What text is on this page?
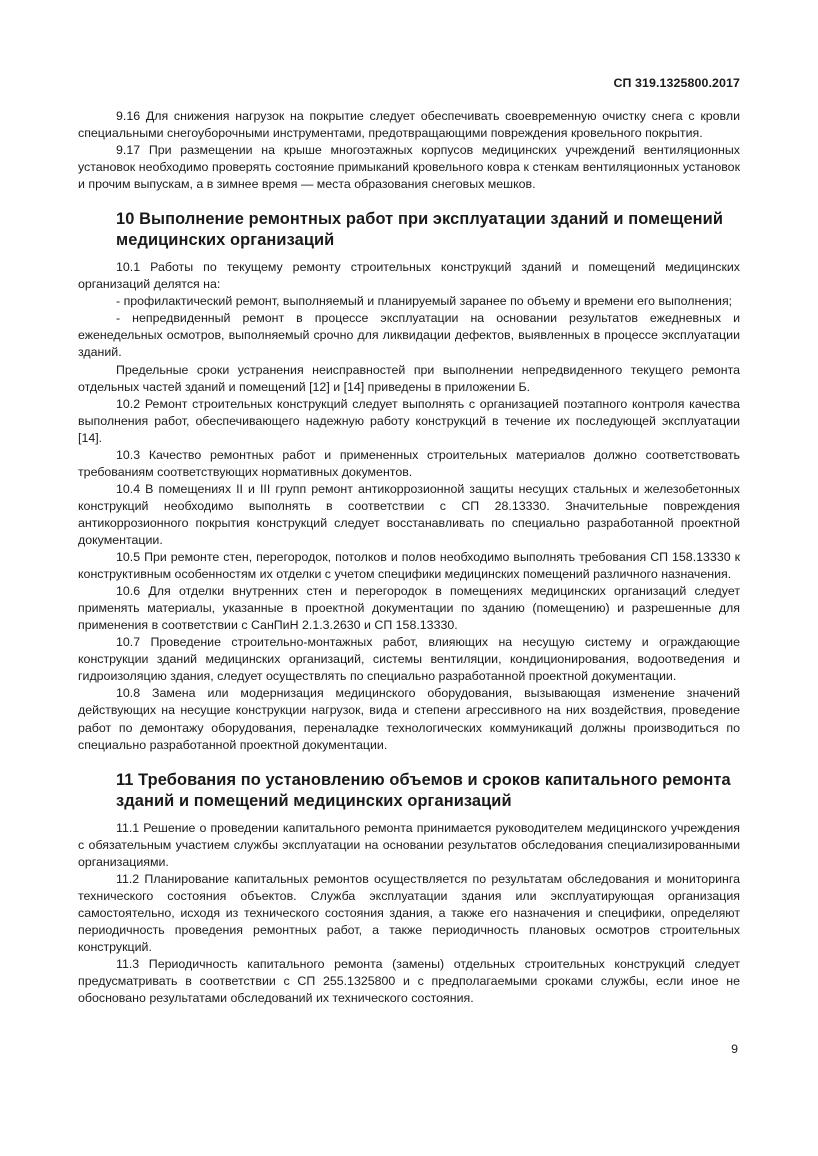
СП 319.1325800.2017

9.16 Для снижения нагрузок на покрытие следует обеспечивать своевременную очистку снега с кровли специальными снегоуборочными инструментами, предотвращающими повреждения кровельного покрытия.

9.17 При размещении на крыше многоэтажных корпусов медицинских учреждений вентиляционных установок необходимо проверять состояние примыканий кровельного ковра к стенкам вентиляционных установок и прочим выпускам, а в зимнее время — места образования снеговых мешков.

10 Выполнение ремонтных работ при эксплуатации зданий и помещений медицинских организаций

10.1 Работы по текущему ремонту строительных конструкций зданий и помещений медицинских организаций делятся на:

- профилактический ремонт, выполняемый и планируемый заранее по объему и времени его выполнения;

- непредвиденный ремонт в процессе эксплуатации на основании результатов ежедневных и еженедельных осмотров, выполняемый срочно для ликвидации дефектов, выявленных в процессе эксплуатации зданий.

Предельные сроки устранения неисправностей при выполнении непредвиденного текущего ремонта отдельных частей зданий и помещений [12] и [14] приведены в приложении Б.

10.2 Ремонт строительных конструкций следует выполнять с организацией поэтапного контроля качества выполнения работ, обеспечивающего надежную работу конструкций в течение их последующей эксплуатации [14].

10.3 Качество ремонтных работ и примененных строительных материалов должно соответствовать требованиям соответствующих нормативных документов.

10.4 В помещениях II и III групп ремонт антикоррозионной защиты несущих стальных и железобетонных конструкций необходимо выполнять в соответствии с СП 28.13330. Значительные повреждения антикоррозионного покрытия конструкций следует восстанавливать по специально разработанной проектной документации.

10.5 При ремонте стен, перегородок, потолков и полов необходимо выполнять требования СП 158.13330 к конструктивным особенностям их отделки с учетом специфики медицинских помещений различного назначения.

10.6 Для отделки внутренних стен и перегородок в помещениях медицинских организаций следует применять материалы, указанные в проектной документации по зданию (помещению) и разрешенные для применения в соответствии с СанПиН 2.1.3.2630 и СП 158.13330.

10.7 Проведение строительно-монтажных работ, влияющих на несущую систему и ограждающие конструкции зданий медицинских организаций, системы вентиляции, кондиционирования, водоотведения и гидроизоляцию здания, следует осуществлять по специально разработанной проектной документации.

10.8 Замена или модернизация медицинского оборудования, вызывающая изменение значений действующих на несущие конструкции нагрузок, вида и степени агрессивного на них воздействия, проведение работ по демонтажу оборудования, переналадке технологических коммуникаций должны производиться по специально разработанной проектной документации.

11 Требования по установлению объемов и сроков капитального ремонта зданий и помещений медицинских организаций

11.1 Решение о проведении капитального ремонта принимается руководителем медицинского учреждения с обязательным участием службы эксплуатации на основании результатов обследования специализированными организациями.

11.2 Планирование капитальных ремонтов осуществляется по результатам обследования и мониторинга технического состояния объектов. Служба эксплуатации здания или эксплуатирующая организация самостоятельно, исходя из технического состояния здания, а также его назначения и специфики, определяют периодичность проведения ремонтных работ, а также периодичность плановых осмотров строительных конструкций.

11.3 Периодичность капитального ремонта (замены) отдельных строительных конструкций следует предусматривать в соответствии с СП 255.1325800 и с предполагаемыми сроками службы, если иное не обосновано результатами обследований их технического состояния.

9
